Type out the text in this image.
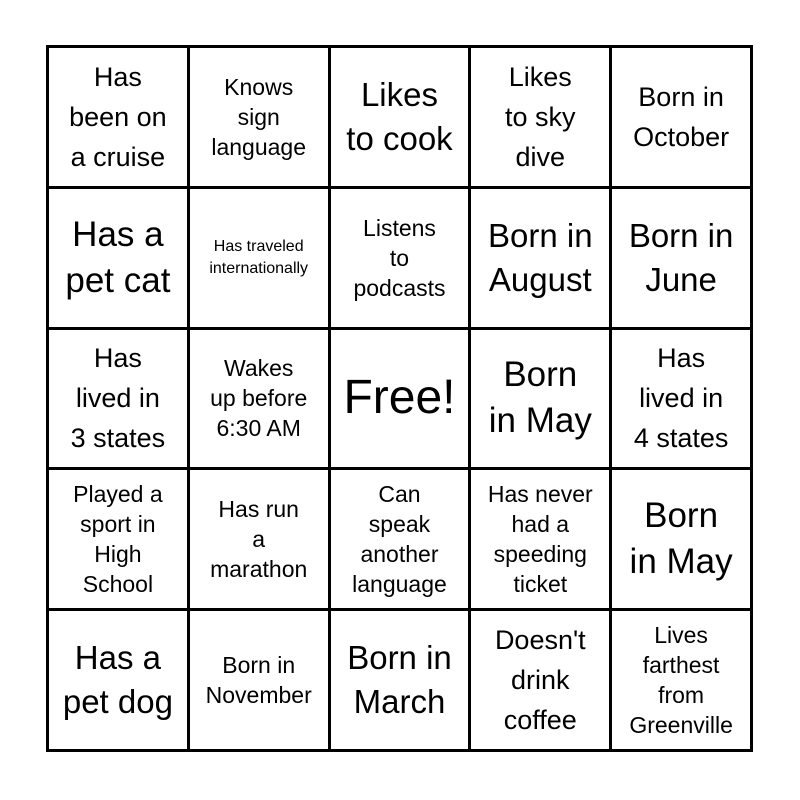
Has
been on
a cruise
Knows
sign
language
Likes
to cook
Likes
to sky
dive
Born in
October
Has a
pet cat
Has traveled
internationally
Listens
to
podcasts
Born in
August
Born in
June
Has
lived in
3 states
Wakes
up before
6:30 AM
Free!	Born
in May
Has
lived in
4 states
Played a
sport in
High
School
Has run
a
marathon
Can
speak
another
language
Has never
had a
speeding
ticket
Born
in May
Has a
pet dog
Born in
November
Born in
March
Doesn't
drink
coffee
Lives
farthest
from
Greenville
